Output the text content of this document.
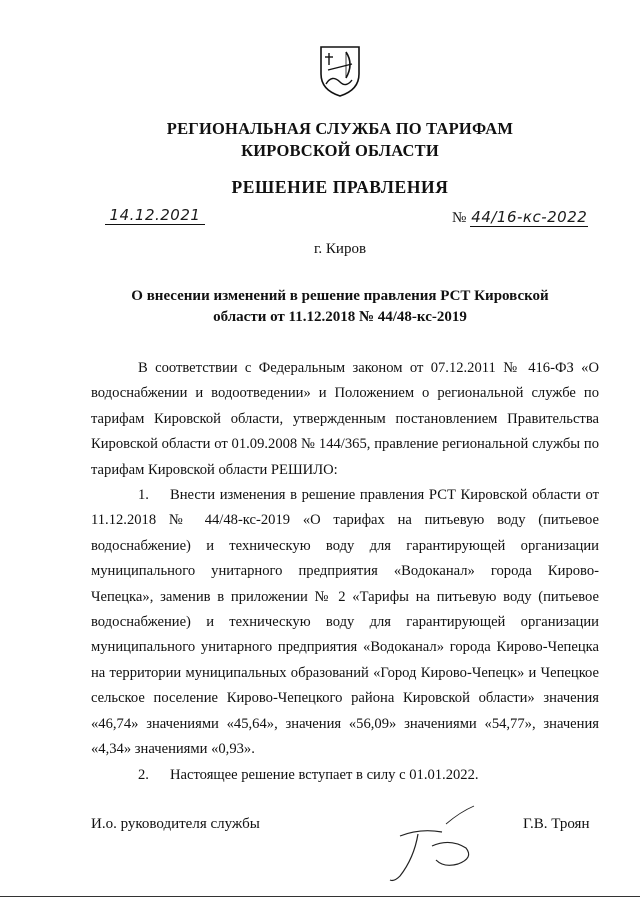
РЕГИОНАЛЬНАЯ СЛУЖБА ПО ТАРИФАМ
КИРОВСКОЙ ОБЛАСТИ
РЕШЕНИЕ ПРАВЛЕНИЯ
14.12.2021	№ 44/16-кс-2022
г. Киров
О внесении изменений в решение правления РСТ Кировской
области от 11.12.2018 № 44/48-кс-2019

В соответствии с Федеральным законом от 07.12.2011 № 416-ФЗ «О водоснабжении и водоотведении» и Положением о региональной службе по тарифам Кировской области, утвержденным постановлением Правительства Кировской области от 01.09.2008 № 144/365, правление региональной службы по тарифам Кировской области РЕШИЛО:

1. Внести изменения в решение правления РСТ Кировской области от 11.12.2018 № 44/48-кс-2019 «О тарифах на питьевую воду (питьевое водоснабжение) и техническую воду для гарантирующей организации муниципального унитарного предприятия «Водоканал» города Кирово-Чепецка», заменив в приложении № 2 «Тарифы на питьевую воду (питьевое водоснабжение) и техническую воду для гарантирующей организации муниципального унитарного предприятия «Водоканал» города Кирово-Чепецка на территории муниципальных образований «Город Кирово-Чепецк» и Чепецкое сельское поселение Кирово-Чепецкого района Кировской области» значения «46,74» значениями «45,64», значения «56,09» значениями «54,77», значения «4,34» значениями «0,93».

2. Настоящее решение вступает в силу с 01.01.2022.

И.о. руководителя службы	Г.В. Троян
